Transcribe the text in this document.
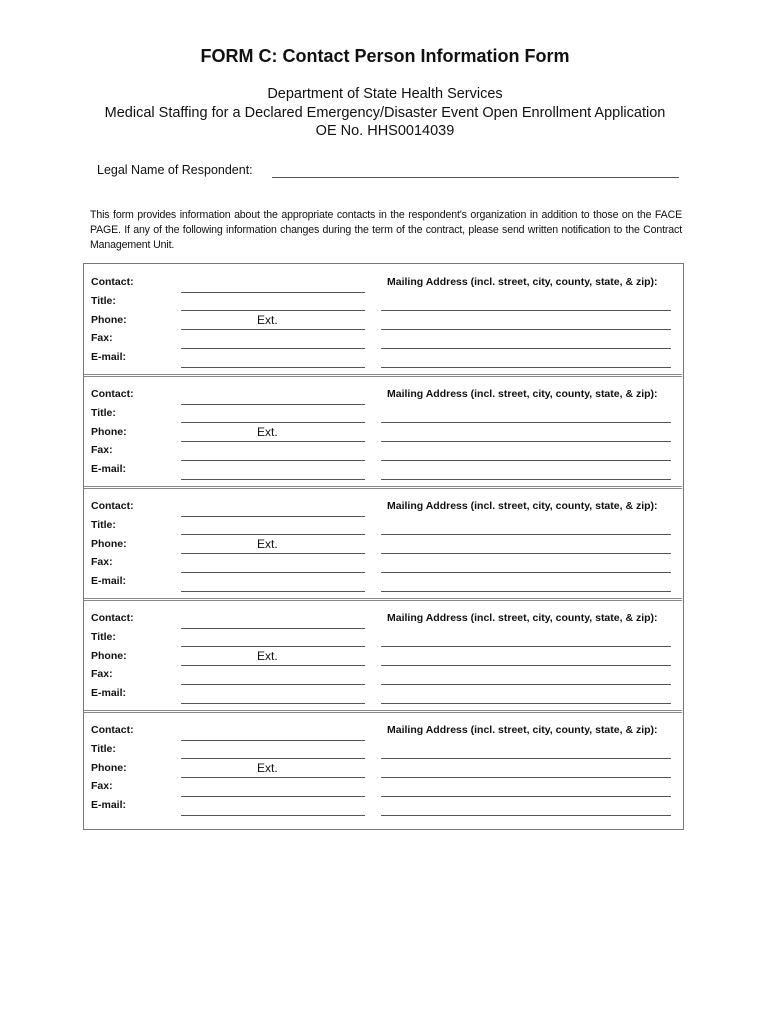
FORM C: Contact Person Information Form
Department of State Health Services
Medical Staffing for a Declared Emergency/Disaster Event Open Enrollment Application
OE No. HHS0014039
Legal Name of Respondent:
This form provides information about the appropriate contacts in the respondent's organization in addition to those on the FACE PAGE. If any of the following information changes during the term of the contract, please send written notification to the Contract Management Unit.
Contact:
Title:
Phone:
Fax:
E-mail:
Ext.
Mailing Address (incl. street, city, county, state, & zip):
Contact:
Title:
Phone:
Fax:
E-mail:
Ext.
Mailing Address (incl. street, city, county, state, & zip):
Contact:
Title:
Phone:
Fax:
E-mail:
Ext.
Mailing Address (incl. street, city, county, state, & zip):
Contact:
Title:
Phone:
Fax:
E-mail:
Ext.
Mailing Address (incl. street, city, county, state, & zip):
Contact:
Title:
Phone:
Fax:
E-mail:
Ext.
Mailing Address (incl. street, city, county, state, & zip):
